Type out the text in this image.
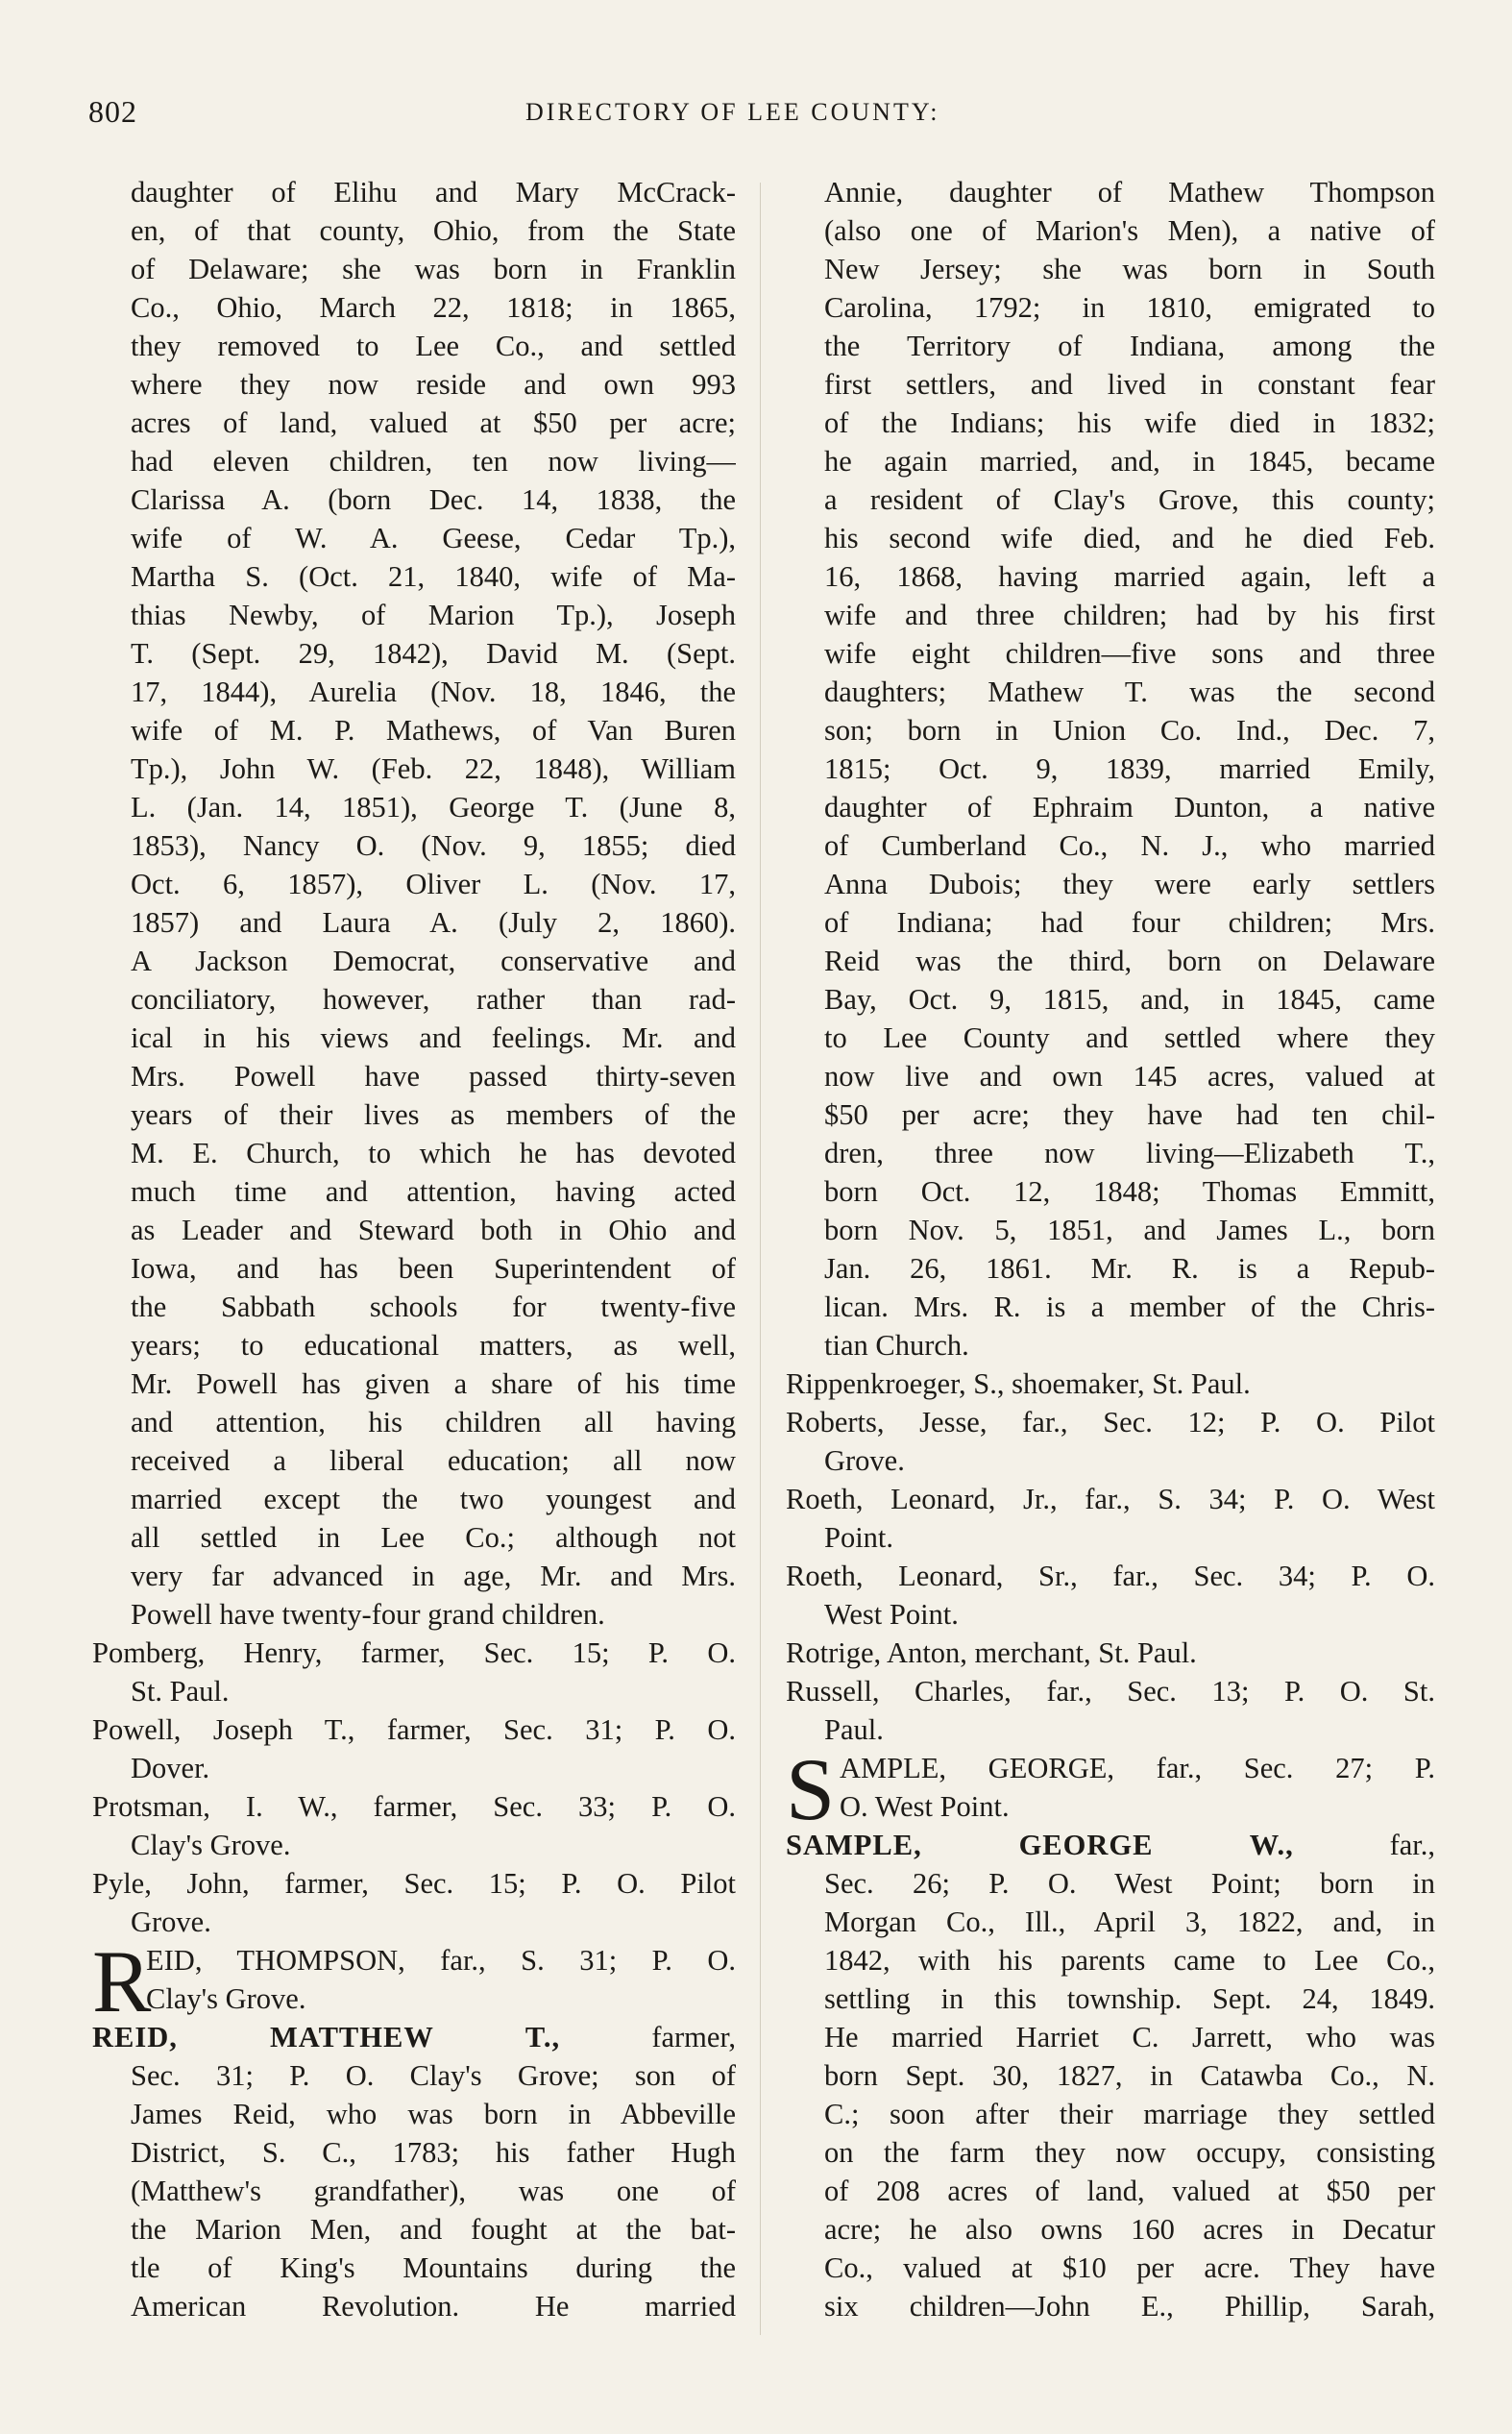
802	DIRECTORY OF LEE COUNTY:
daughter of Elihu and Mary McCrack-
en, of that county, Ohio, from the State
of Delaware; she was born in Franklin
Co., Ohio, March 22, 1818; in 1865,
they removed to Lee Co., and settled
where they now reside and own 993
acres of land, valued at $50 per acre;
had eleven children, ten now living—
Clarissa A. (born Dec. 14, 1838, the
wife of W. A. Geese, Cedar Tp.),
Martha S. (Oct. 21, 1840, wife of Ma-
thias Newby, of Marion Tp.), Joseph
T. (Sept. 29, 1842), David M. (Sept.
17, 1844), Aurelia (Nov. 18, 1846, the
wife of M. P. Mathews, of Van Buren
Tp.), John W. (Feb. 22, 1848), William
L. (Jan. 14, 1851), George T. (June 8,
1853), Nancy O. (Nov. 9, 1855; died
Oct. 6, 1857), Oliver L. (Nov. 17,
1857) and Laura A. (July 2, 1860).
A Jackson Democrat, conservative and
conciliatory, however, rather than rad-
ical in his views and feelings. Mr. and
Mrs. Powell have passed thirty-seven
years of their lives as members of the
M. E. Church, to which he has devoted
much time and attention, having acted
as Leader and Steward both in Ohio and
Iowa, and has been Superintendent of
the Sabbath schools for twenty-five
years; to educational matters, as well,
Mr. Powell has given a share of his time
and attention, his children all having
received a liberal education; all now
married except the two youngest and
all settled in Lee Co.; although not
very far advanced in age, Mr. and Mrs.
Powell have twenty-four grand children.
Pomberg, Henry, farmer, Sec. 15; P. O.
St. Paul.
Powell, Joseph T., farmer, Sec. 31; P. O.
Dover.
Protsman, I. W., farmer, Sec. 33; P. O.
Clay's Grove.
Pyle, John, farmer, Sec. 15; P. O. Pilot
Grove.
R
EID, THOMPSON, far., S. 31; P. O.
Clay's Grove.
REID, MATTHEW T.,	farmer,
Sec. 31; P. O. Clay's Grove; son of
James Reid, who was born in Abbeville
District, S. C., 1783; his father Hugh
(Matthew's grandfather), was one of
the Marion Men, and fought at the bat-
tle of King's Mountains during the
American Revolution. He married
Annie, daughter of Mathew Thompson
(also one of Marion's Men), a native of
New Jersey; she was born in South
Carolina, 1792; in 1810, emigrated to
the Territory of Indiana, among the
first settlers, and lived in constant fear
of the Indians; his wife died in 1832;
he again married, and, in 1845, became
a resident of Clay's Grove, this county;
his second wife died, and he died Feb.
16, 1868, having married again, left a
wife and three children; had by his first
wife eight children—five sons and three
daughters; Mathew T. was the second
son; born in Union Co. Ind., Dec. 7,
1815; Oct. 9, 1839, married Emily,
daughter of Ephraim Dunton, a native
of Cumberland Co., N. J., who married
Anna Dubois; they were early settlers
of Indiana; had four children; Mrs.
Reid was the third, born on Delaware
Bay, Oct. 9, 1815, and, in 1845, came
to Lee County and settled where they
now live and own 145 acres, valued at
$50 per acre; they have had ten chil-
dren, three now living—Elizabeth T.,
born Oct. 12, 1848; Thomas Emmitt,
born Nov. 5, 1851, and James L., born
Jan. 26, 1861. Mr. R. is a Repub-
lican. Mrs. R. is a member of the Chris-
tian Church.
Rippenkroeger, S., shoemaker, St. Paul.
Roberts, Jesse, far., Sec. 12; P. O. Pilot
Grove.
Roeth, Leonard, Jr., far., S. 34; P. O. West
Point.
Roeth, Leonard, Sr., far., Sec. 34; P. O.
West Point.
Rotrige, Anton, merchant, St. Paul.
Russell, Charles, far., Sec. 13; P. O. St.
Paul.
S AMPLE, GEORGE, far., Sec. 27; P.
O. West Point.
SAMPLE, GEORGE W.,	far.,
Sec. 26; P. O. West Point; born in
Morgan Co., Ill., April 3, 1822, and, in
1842, with his parents came to Lee Co.,
settling in this township. Sept. 24, 1849.
He married Harriet C. Jarrett, who was
born Sept. 30, 1827, in Catawba Co., N.
C.; soon after their marriage they settled
on the farm they now occupy, consisting
of 208 acres of land, valued at $50 per
acre; he also owns 160 acres in Decatur
Co., valued at $10 per acre. They have
six children—John E., Phillip, Sarah,
